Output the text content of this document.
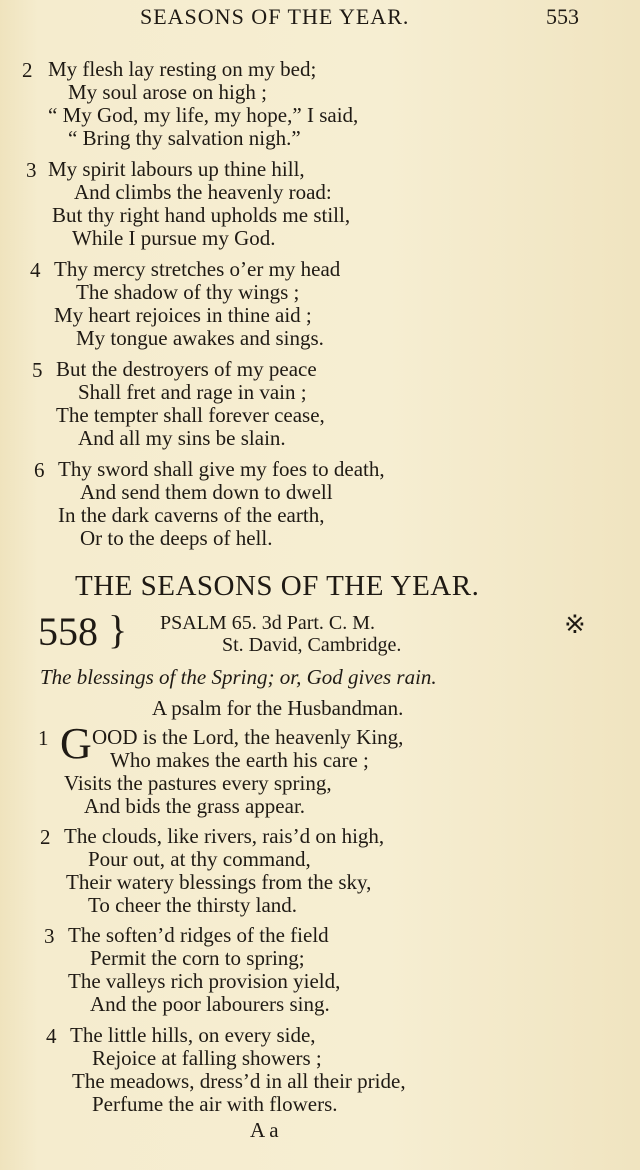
SEASONS OF THE YEAR.	553
2 My flesh lay resting on my bed;
My soul arose on high ;
“ My God, my life, my hope,” I said,
“ Bring thy salvation nigh.”
3 My spirit labours up thine hill,
And climbs the heavenly road:
But thy right hand upholds me still,
While I pursue my God.
4 Thy mercy stretches o’er my head
The shadow of thy wings ;
My heart rejoices in thine aid ;
My tongue awakes and sings.
5 But the destroyers of my peace
Shall fret and rage in vain ;
The tempter shall forever cease,
And all my sins be slain.
6 Thy sword shall give my foes to death,
And send them down to dwell
In the dark caverns of the earth,
Or to the deeps of hell.
THE SEASONS OF THE YEAR.
558 } PSALM 65. 3d Part. C. M.
St. David, Cambridge.
※
The blessings of the Spring; or, God gives rain.
A psalm for the Husbandman.
1 G OOD is the Lord, the heavenly King,
Who makes the earth his care ;
Visits the pastures every spring,
And bids the grass appear.
2 The clouds, like rivers, rais’d on high,
Pour out, at thy command,
Their watery blessings from the sky,
To cheer the thirsty land.
3 The soften’d ridges of the field
Permit the corn to spring;
The valleys rich provision yield,
And the poor labourers sing.
4 The little hills, on every side,
Rejoice at falling showers ;
The meadows, dress’d in all their pride,
Perfume the air with flowers.
A a
